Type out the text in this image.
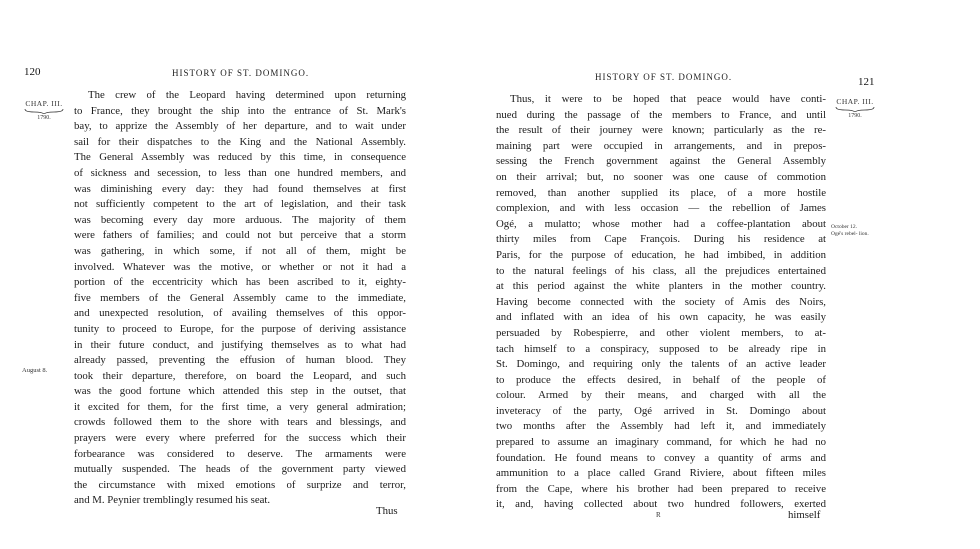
120	HISTORY OF ST. DOMINGO.
CHAP. III.
1790.
August 8.
The crew of the Leopard having determined upon returning
to France, they brought the ship into the entrance of St. Mark's
bay, to apprize the Assembly of her departure, and to wait under
sail for their dispatches to the King and the National Assembly.
The General Assembly was reduced by this time, in consequence
of sickness and secession, to less than one hundred members, and
was diminishing every day: they had found themselves at first
not sufficiently competent to the art of legislation, and their task
was becoming every day more arduous. The majority of them
were fathers of families; and could not but perceive that a storm
was gathering, in which some, if not all of them, might be
involved. Whatever was the motive, or whether or not it had a
portion of the eccentricity which has been ascribed to it, eighty-
five members of the General Assembly came to the immediate,
and unexpected resolution, of availing themselves of this oppor-
tunity to proceed to Europe, for the purpose of deriving assistance
in their future conduct, and justifying themselves as to what had
already passed, preventing the effusion of human blood. They
took their departure, therefore, on board the Leopard, and such
was the good fortune which attended this step in the outset, that
it excited for them, for the first time, a very general admiration;
crowds followed them to the shore with tears and blessings, and
prayers were every where preferred for the success which their
forbearance was considered to deserve. The armaments were
mutually suspended. The heads of the government party viewed
the circumstance with mixed emotions of surprize and terror,
and M. Peynier tremblingly resumed his seat.
Thus
HISTORY OF ST. DOMINGO.	121
CHAP. III.
1790.
October 12.
Ogé's rebel- lion.
Thus, it were to be hoped that peace would have conti-
nued during the passage of the members to France, and until
the result of their journey were known; particularly as the re-
maining part were occupied in arrangements, and in prepos-
sessing the French government against the General Assembly
on their arrival; but, no sooner was one cause of commotion
removed, than another supplied its place, of a more hostile
complexion, and with less occasion — the rebellion of James
Ogé, a mulatto; whose mother had a coffee-plantation about
thirty miles from Cape François. During his residence at
Paris, for the purpose of education, he had imbibed, in addition
to the natural feelings of his class, all the prejudices entertained
at this period against the white planters in the mother country.
Having become connected with the society of Amis des Noirs,
and inflated with an idea of his own capacity, he was easily
persuaded by Robespierre, and other violent members, to at-
tach himself to a conspiracy, supposed to be already ripe in
St. Domingo, and requiring only the talents of an active leader
to produce the effects desired, in behalf of the people of
colour. Armed by their means, and charged with all the
inveteracy of the party, Ogé arrived in St. Domingo about
two months after the Assembly had left it, and immediately
prepared to assume an imaginary command, for which he had no
foundation. He found means to convey a quantity of arms and
ammunition to a place called Grand Riviere, about fifteen miles
from the Cape, where his brother had been prepared to receive
it, and, having collected about two hundred followers, exerted
R	himself
